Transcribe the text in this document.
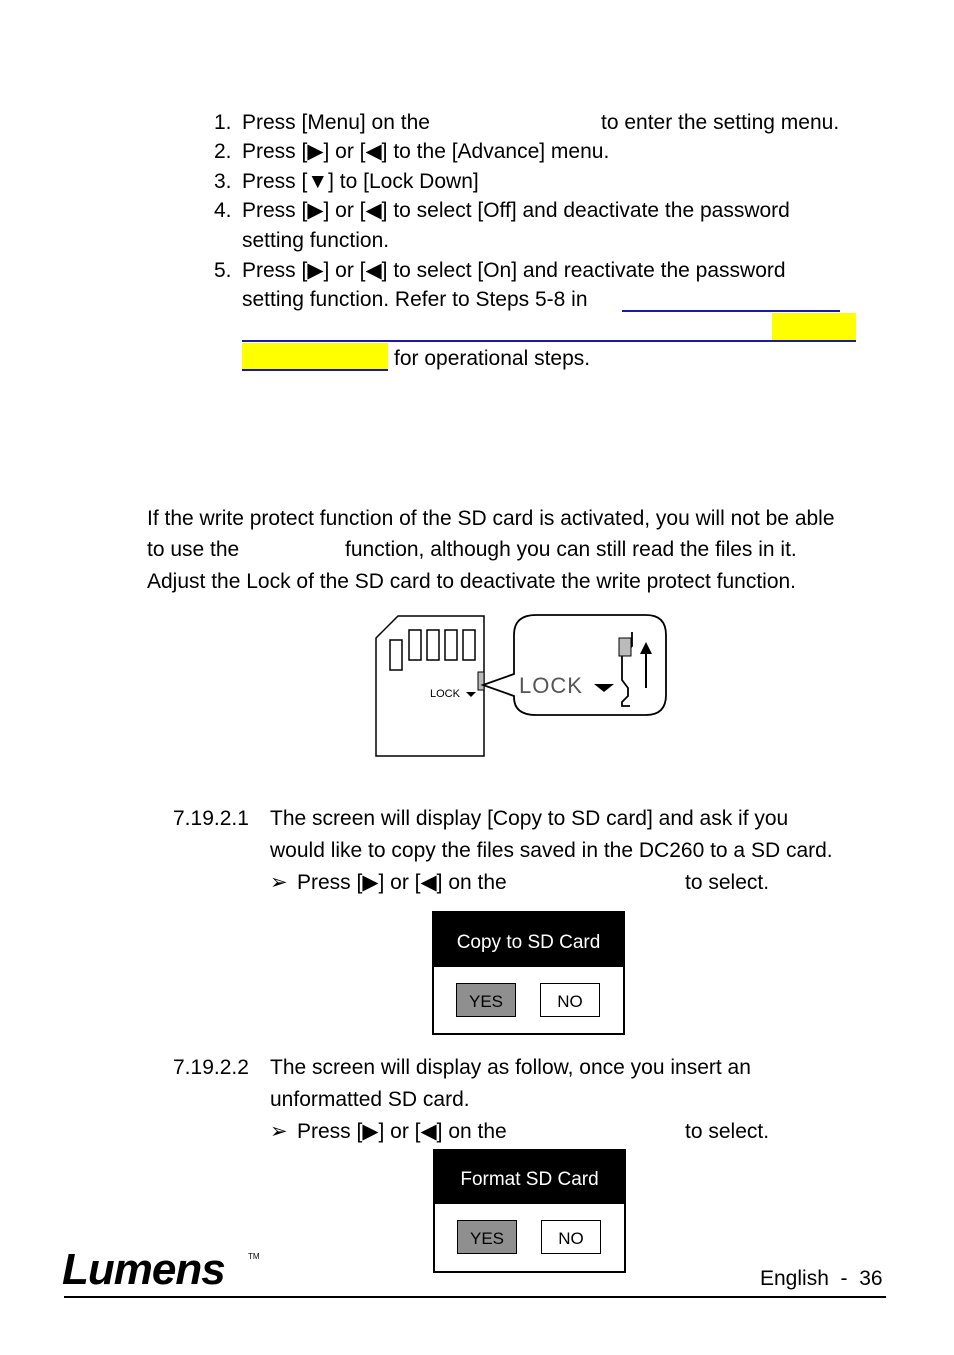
1. Press [Menu] on the	to enter the setting menu.
2. Press [▶] or [◀] to the [Advance] menu.
3. Press [▼] to [Lock Down]
4. Press [▶] or [◀] to select [Off] and deactivate the password
setting function.
5. Press [▶] or [◀] to select [On] and reactivate the password
setting function. Refer to Steps 5-8 in
for operational steps.
If the write protect function of the SD card is activated, you will not be able
to use the	function, although you can still read the files in it.
Adjust the Lock of the SD card to deactivate the write protect function.
LOCK	LOCK
7.19.2.1 The screen will display [Copy to SD card] and ask if you
would like to copy the files saved in the DC260 to a SD card.
➢ Press [▶] or [◀] on the	to select.
Copy to SD Card
YES	NO
7.19.2.2 The screen will display as follow, once you insert an
unformatted SD card.
➢ Press [▶] or [◀] on the	to select.
Format SD Card
YES	NO
Lumens	TM
English  -  36
